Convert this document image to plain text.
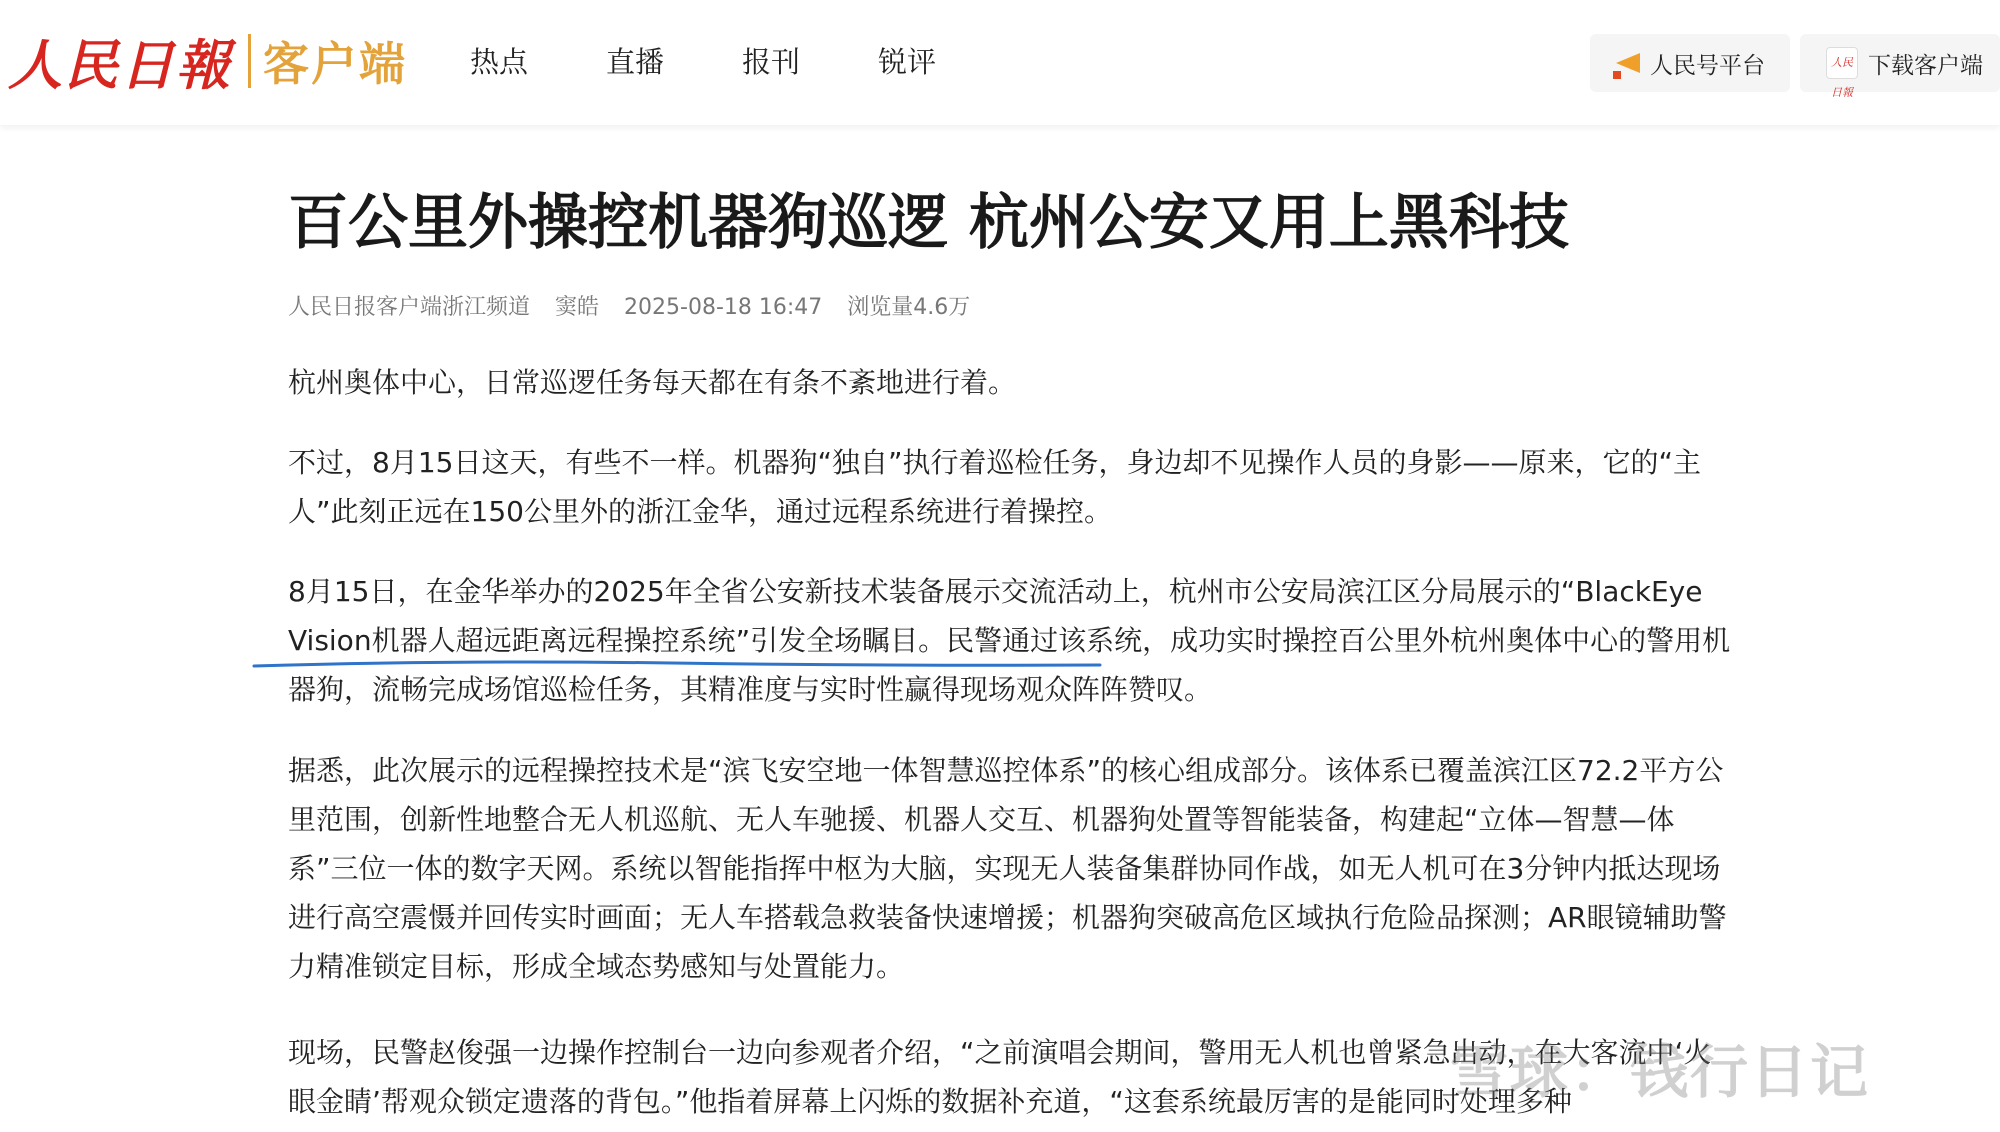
人民日報 客户端 热点	直播	报刊	锐评	人民号平台	人民日報
下载客户端
百公里外操控机器狗巡逻 杭州公安又用上黑科技
人民日报客户端浙江频道 窦皓 2025-08-18 16:47 浏览量4.6万

杭州奥体中心，日常巡逻任务每天都在有条不紊地进行着。

不过，8月15日这天，有些不一样。机器狗“独自”执行着巡检任务，身边却不见操作人员的身影——原来，它的“主人”此刻正远在150公里外的浙江金华，通过远程系统进行着操控。

8月15日，在金华举办的2025年全省公安新技术装备展示交流活动上，杭州市公安局滨江区分局展示的“BlackEye Vision机器人超远距离远程操控系统”引发全场瞩目。民警通过该系统，成功实时操控百公里外杭州奥体中心的警用机器狗，流畅完成场馆巡检任务，其精准度与实时性赢得现场观众阵阵赞叹。

据悉，此次展示的远程操控技术是“滨飞安空地一体智慧巡控体系”的核心组成部分。该体系已覆盖滨江区72.2平方公里范围，创新性地整合无人机巡航、无人车驰援、机器人交互、机器狗处置等智能装备，构建起“立体—智慧—体系”三位一体的数字天网。系统以智能指挥中枢为大脑，实现无人装备集群协同作战，如无人机可在3分钟内抵达现场进行高空震慑并回传实时画面；无人车搭载急救装备快速增援；机器狗突破高危区域执行危险品探测；AR眼镜辅助警力精准锁定目标，形成全域态势感知与处置能力。

现场，民警赵俊强一边操作控制台一边向参观者介绍，“之前演唱会期间，警用无人机也曾紧急出动，在大客流中‘火眼金睛’帮观众锁定遗落的背包。”他指着屏幕上闪烁的数据补充道，“这套系统最厉害的是能同时处理多种

雪球：钱行日记
